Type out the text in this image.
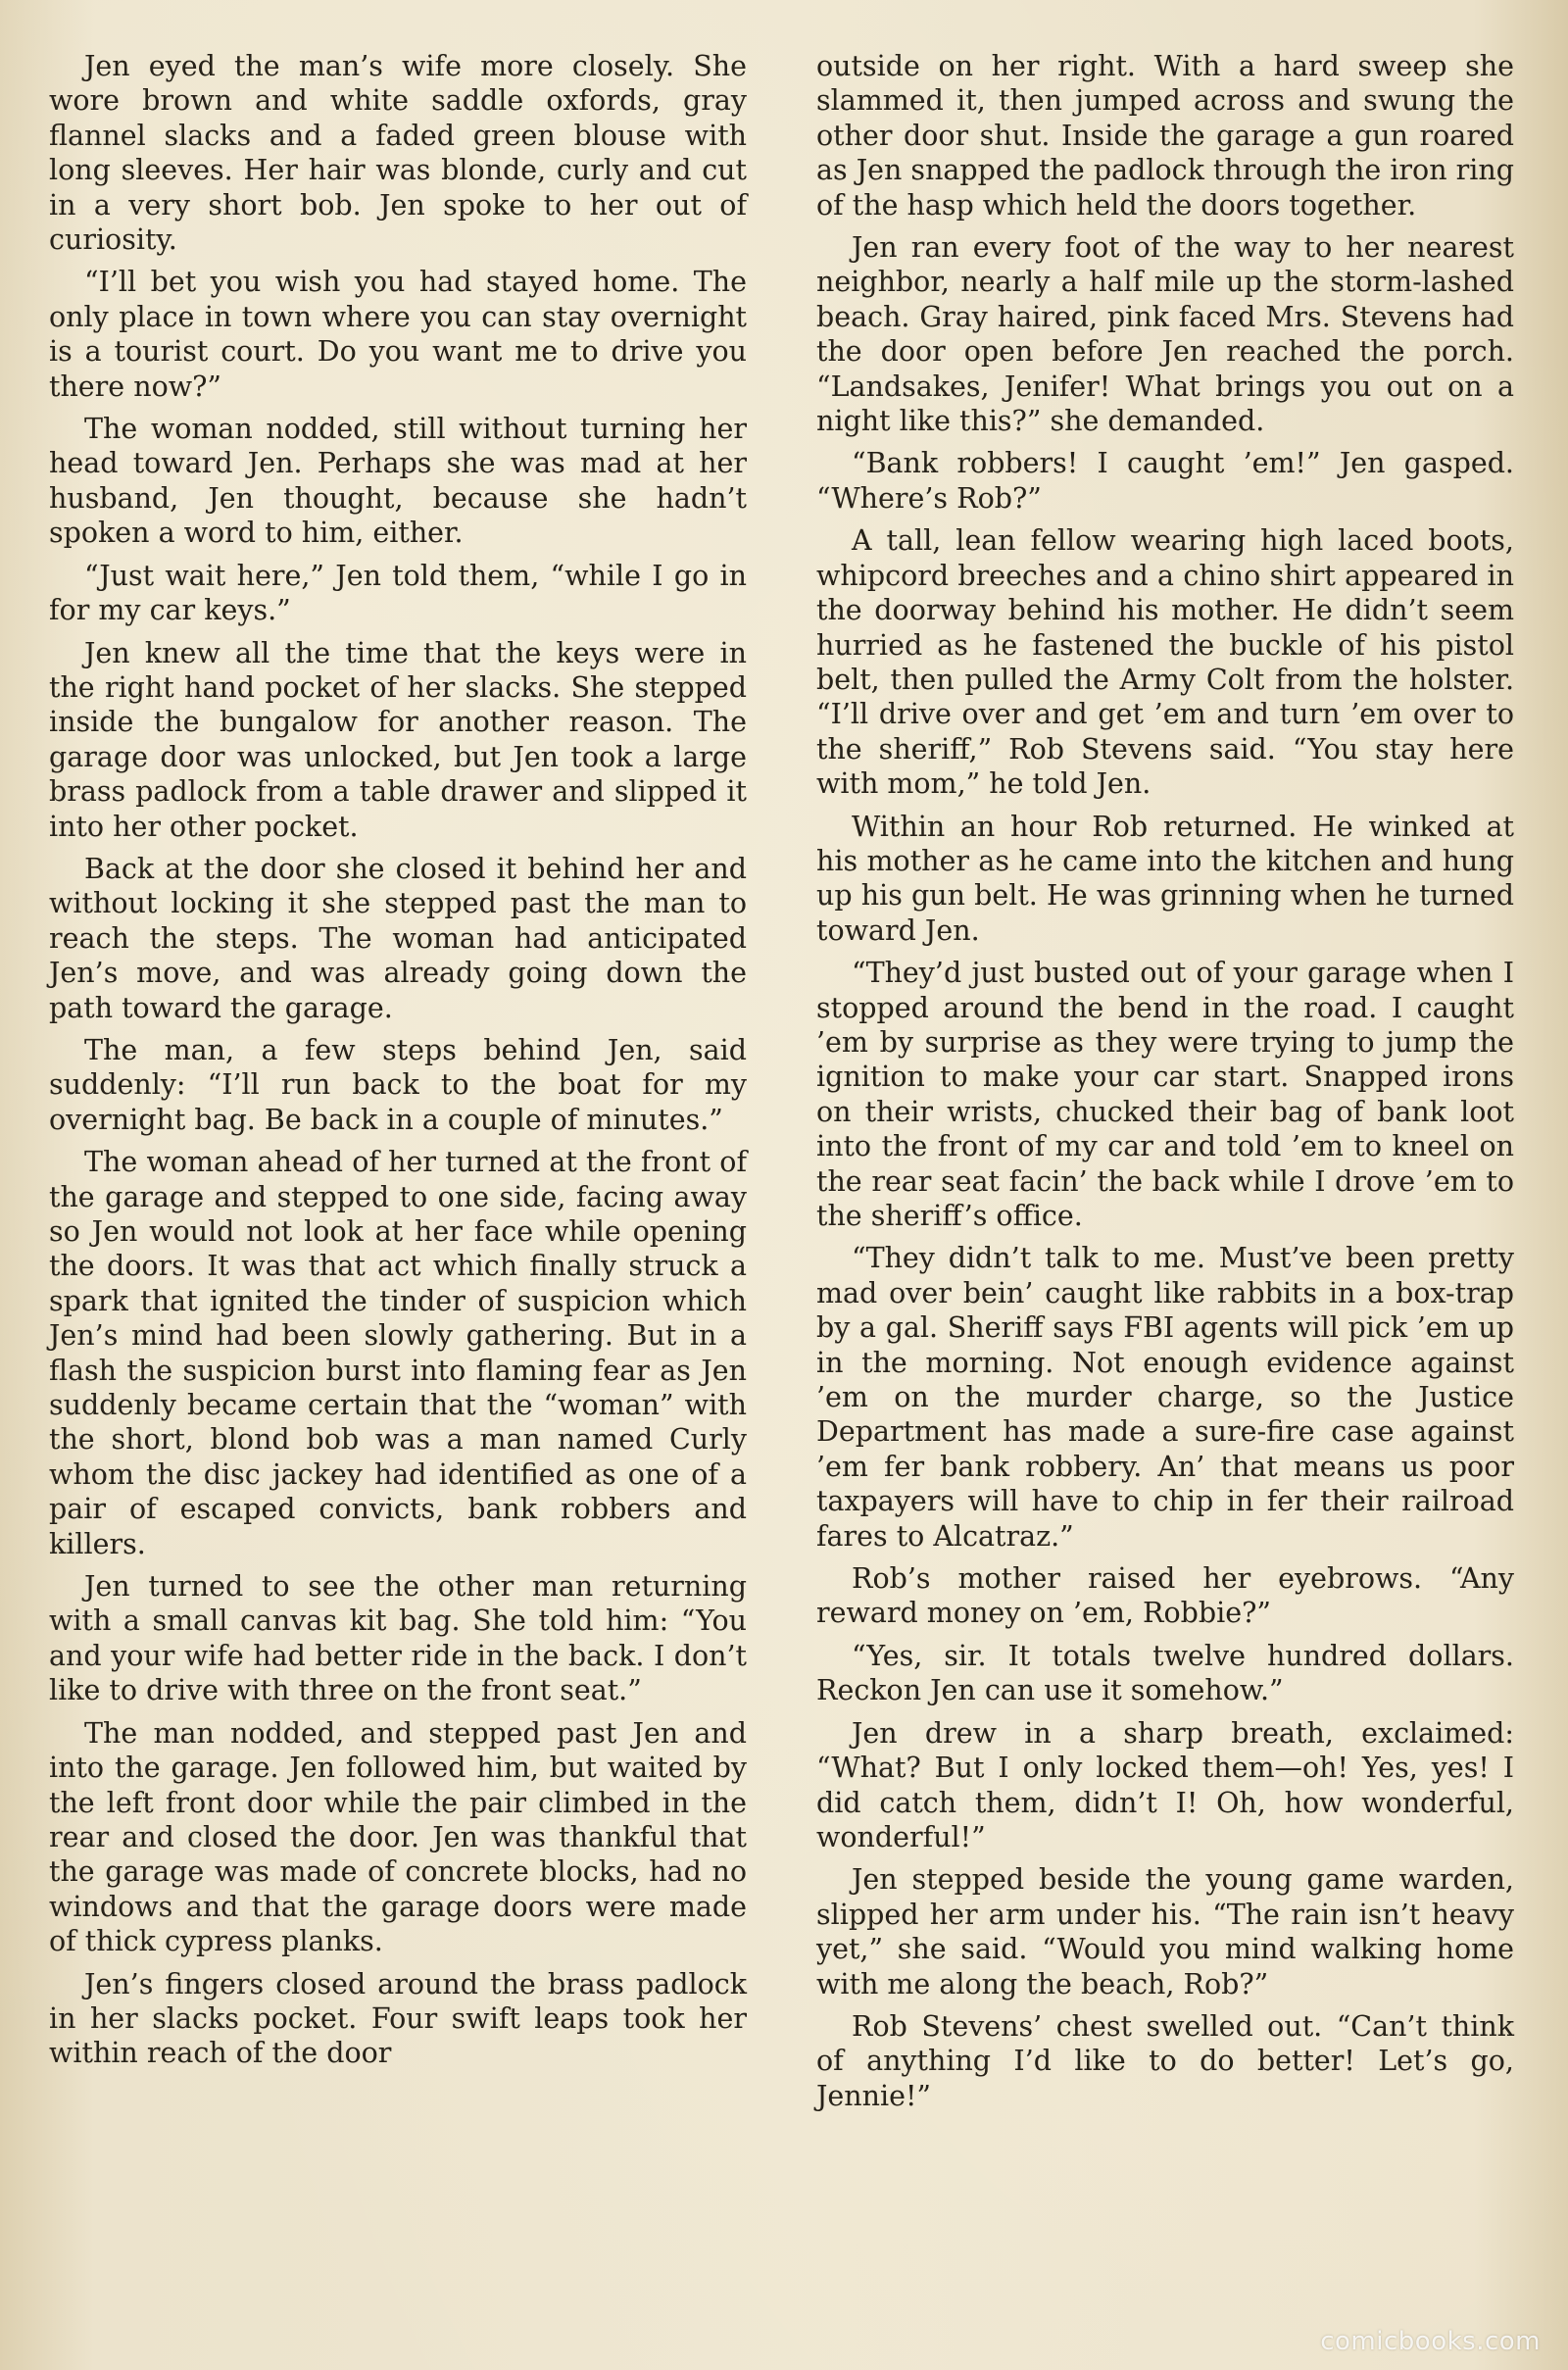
Jen eyed the man’s wife more closely. She wore brown and white saddle oxfords, gray flannel slacks and a faded green blouse with long sleeves. Her hair was blonde, curly and cut in a very short bob. Jen spoke to her out of curiosity.

“I’ll bet you wish you had stayed home. The only place in town where you can stay overnight is a tourist court. Do you want me to drive you there now?”

The woman nodded, still without turning her head toward Jen. Perhaps she was mad at her husband, Jen thought, because she hadn’t spoken a word to him, either.

“Just wait here,” Jen told them, “while I go in for my car keys.”

Jen knew all the time that the keys were in the right hand pocket of her slacks. She stepped inside the bungalow for another reason. The garage door was unlocked, but Jen took a large brass padlock from a table drawer and slipped it into her other pocket.

Back at the door she closed it behind her and without locking it she stepped past the man to reach the steps. The woman had anticipated Jen’s move, and was already going down the path toward the garage.

The man, a few steps behind Jen, said suddenly: “I’ll run back to the boat for my overnight bag. Be back in a couple of minutes.”

The woman ahead of her turned at the front of the garage and stepped to one side, facing away so Jen would not look at her face while opening the doors. It was that act which finally struck a spark that ignited the tinder of suspicion which Jen’s mind had been slowly gathering. But in a flash the suspicion burst into flaming fear as Jen suddenly became certain that the “woman” with the short, blond bob was a man named Curly whom the disc jackey had identified as one of a pair of escaped convicts, bank robbers and killers.

Jen turned to see the other man returning with a small canvas kit bag. She told him: “You and your wife had better ride in the back. I don’t like to drive with three on the front seat.”

The man nodded, and stepped past Jen and into the garage. Jen followed him, but waited by the left front door while the pair climbed in the rear and closed the door. Jen was thankful that the garage was made of concrete blocks, had no windows and that the garage doors were made of thick cypress planks.

Jen’s fingers closed around the brass padlock in her slacks pocket. Four swift leaps took her within reach of the door

outside on her right. With a hard sweep she slammed it, then jumped across and swung the other door shut. Inside the garage a gun roared as Jen snapped the padlock through the iron ring of the hasp which held the doors together.

Jen ran every foot of the way to her nearest neighbor, nearly a half mile up the storm-lashed beach. Gray haired, pink faced Mrs. Stevens had the door open before Jen reached the porch. “Landsakes, Jenifer! What brings you out on a night like this?” she demanded.

“Bank robbers! I caught ’em!” Jen gasped. “Where’s Rob?”

A tall, lean fellow wearing high laced boots, whipcord breeches and a chino shirt appeared in the doorway behind his mother. He didn’t seem hurried as he fastened the buckle of his pistol belt, then pulled the Army Colt from the holster. “I’ll drive over and get ’em and turn ’em over to the sheriff,” Rob Stevens said. “You stay here with mom,” he told Jen.

Within an hour Rob returned. He winked at his mother as he came into the kitchen and hung up his gun belt. He was grinning when he turned toward Jen.

“They’d just busted out of your garage when I stopped around the bend in the road. I caught ’em by surprise as they were trying to jump the ignition to make your car start. Snapped irons on their wrists, chucked their bag of bank loot into the front of my car and told ’em to kneel on the rear seat facin’ the back while I drove ’em to the sheriff’s office.

“They didn’t talk to me. Must’ve been pretty mad over bein’ caught like rabbits in a box-trap by a gal. Sheriff says FBI agents will pick ’em up in the morning. Not enough evidence against ’em on the murder charge, so the Justice Department has made a sure-fire case against ’em fer bank robbery. An’ that means us poor taxpayers will have to chip in fer their railroad fares to Alcatraz.”

Rob’s mother raised her eyebrows. “Any reward money on ’em, Robbie?”

“Yes, sir. It totals twelve hundred dollars. Reckon Jen can use it somehow.”

Jen drew in a sharp breath, exclaimed: “What? But I only locked them—oh! Yes, yes! I did catch them, didn’t I! Oh, how wonderful, wonderful!”

Jen stepped beside the young game warden, slipped her arm under his. “The rain isn’t heavy yet,” she said. “Would you mind walking home with me along the beach, Rob?”

Rob Stevens’ chest swelled out. “Can’t think of anything I’d like to do better! Let’s go, Jennie!”

comicbooks.com
